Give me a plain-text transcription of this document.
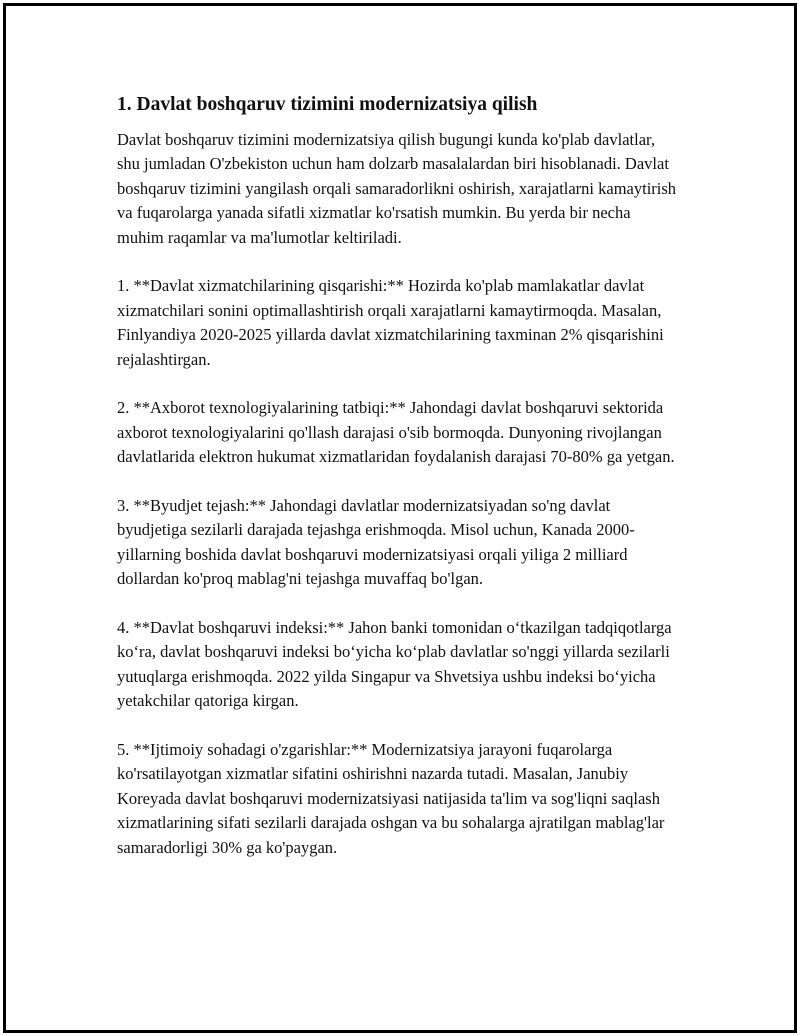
1. Davlat boshqaruv tizimini modernizatsiya qilish

Davlat boshqaruv tizimini modernizatsiya qilish bugungi kunda ko'plab davlatlar, shu jumladan O'zbekiston uchun ham dolzarb masalalardan biri hisoblanadi. Davlat boshqaruv tizimini yangilash orqali samaradorlikni oshirish, xarajatlarni kamaytirish va fuqarolarga yanada sifatli xizmatlar ko'rsatish mumkin. Bu yerda bir necha muhim raqamlar va ma'lumotlar keltiriladi.

1. **Davlat xizmatchilarining qisqarishi:** Hozirda ko'plab mamlakatlar davlat xizmatchilari sonini optimallashtirish orqali xarajatlarni kamaytirmoqda. Masalan, Finlyandiya 2020-2025 yillarda davlat xizmatchilarining taxminan 2% qisqarishini rejalashtirgan.

2. **Axborot texnologiyalarining tatbiqi:** Jahondagi davlat boshqaruvi sektorida axborot texnologiyalarini qo'llash darajasi o'sib bormoqda. Dunyoning rivojlangan davlatlarida elektron hukumat xizmatlaridan foydalanish darajasi 70-80% ga yetgan.

3. **Byudjet tejash:** Jahondagi davlatlar modernizatsiyadan so'ng davlat byudjetiga sezilarli darajada tejashga erishmoqda. Misol uchun, Kanada 2000-yillarning boshida davlat boshqaruvi modernizatsiyasi orqali yiliga 2 milliard dollardan ko'proq mablag'ni tejashga muvaffaq bo'lgan.

4. **Davlat boshqaruvi indeksi:** Jahon banki tomonidan o‘tkazilgan tadqiqotlarga ko‘ra, davlat boshqaruvi indeksi bo‘yicha ko‘plab davlatlar so'nggi yillarda sezilarli yutuqlarga erishmoqda. 2022 yilda Singapur va Shvetsiya ushbu indeksi bo‘yicha yetakchilar qatoriga kirgan.

5. **Ijtimoiy sohadagi o'zgarishlar:** Modernizatsiya jarayoni fuqarolarga ko'rsatilayotgan xizmatlar sifatini oshirishni nazarda tutadi. Masalan, Janubiy Koreyada davlat boshqaruvi modernizatsiyasi natijasida ta'lim va sog'liqni saqlash xizmatlarining sifati sezilarli darajada oshgan va bu sohalarga ajratilgan mablag'lar samaradorligi 30% ga ko'paygan.
